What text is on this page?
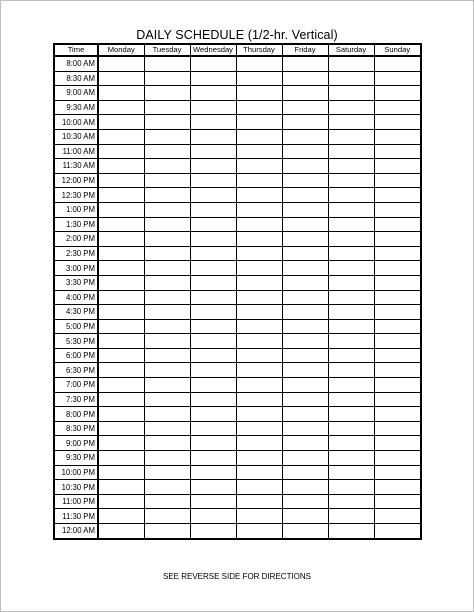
DAILY SCHEDULE (1/2-hr. Vertical)
Time	Monday	Tuesday	Wednesday	Thursday	Friday	Saturday	Sunday
8:00 AM							
8:30 AM							
9:00 AM							
9:30 AM							
10:00 AM							
10:30 AM							
11:00 AM							
11:30 AM							
12:00 PM							
12:30 PM							
1:00 PM							
1:30 PM							
2:00 PM							
2:30 PM							
3:00 PM							
3:30 PM							
4:00 PM							
4:30 PM							
5:00 PM							
5:30 PM							
6:00 PM							
6:30 PM							
7:00 PM							
7:30 PM							
8:00 PM							
8:30 PM							
9:00 PM							
9:30 PM							
10:00 PM							
10:30 PM							
11:00 PM							
11:30 PM							
12:00 AM							
SEE REVERSE SIDE FOR DIRECTIONS
